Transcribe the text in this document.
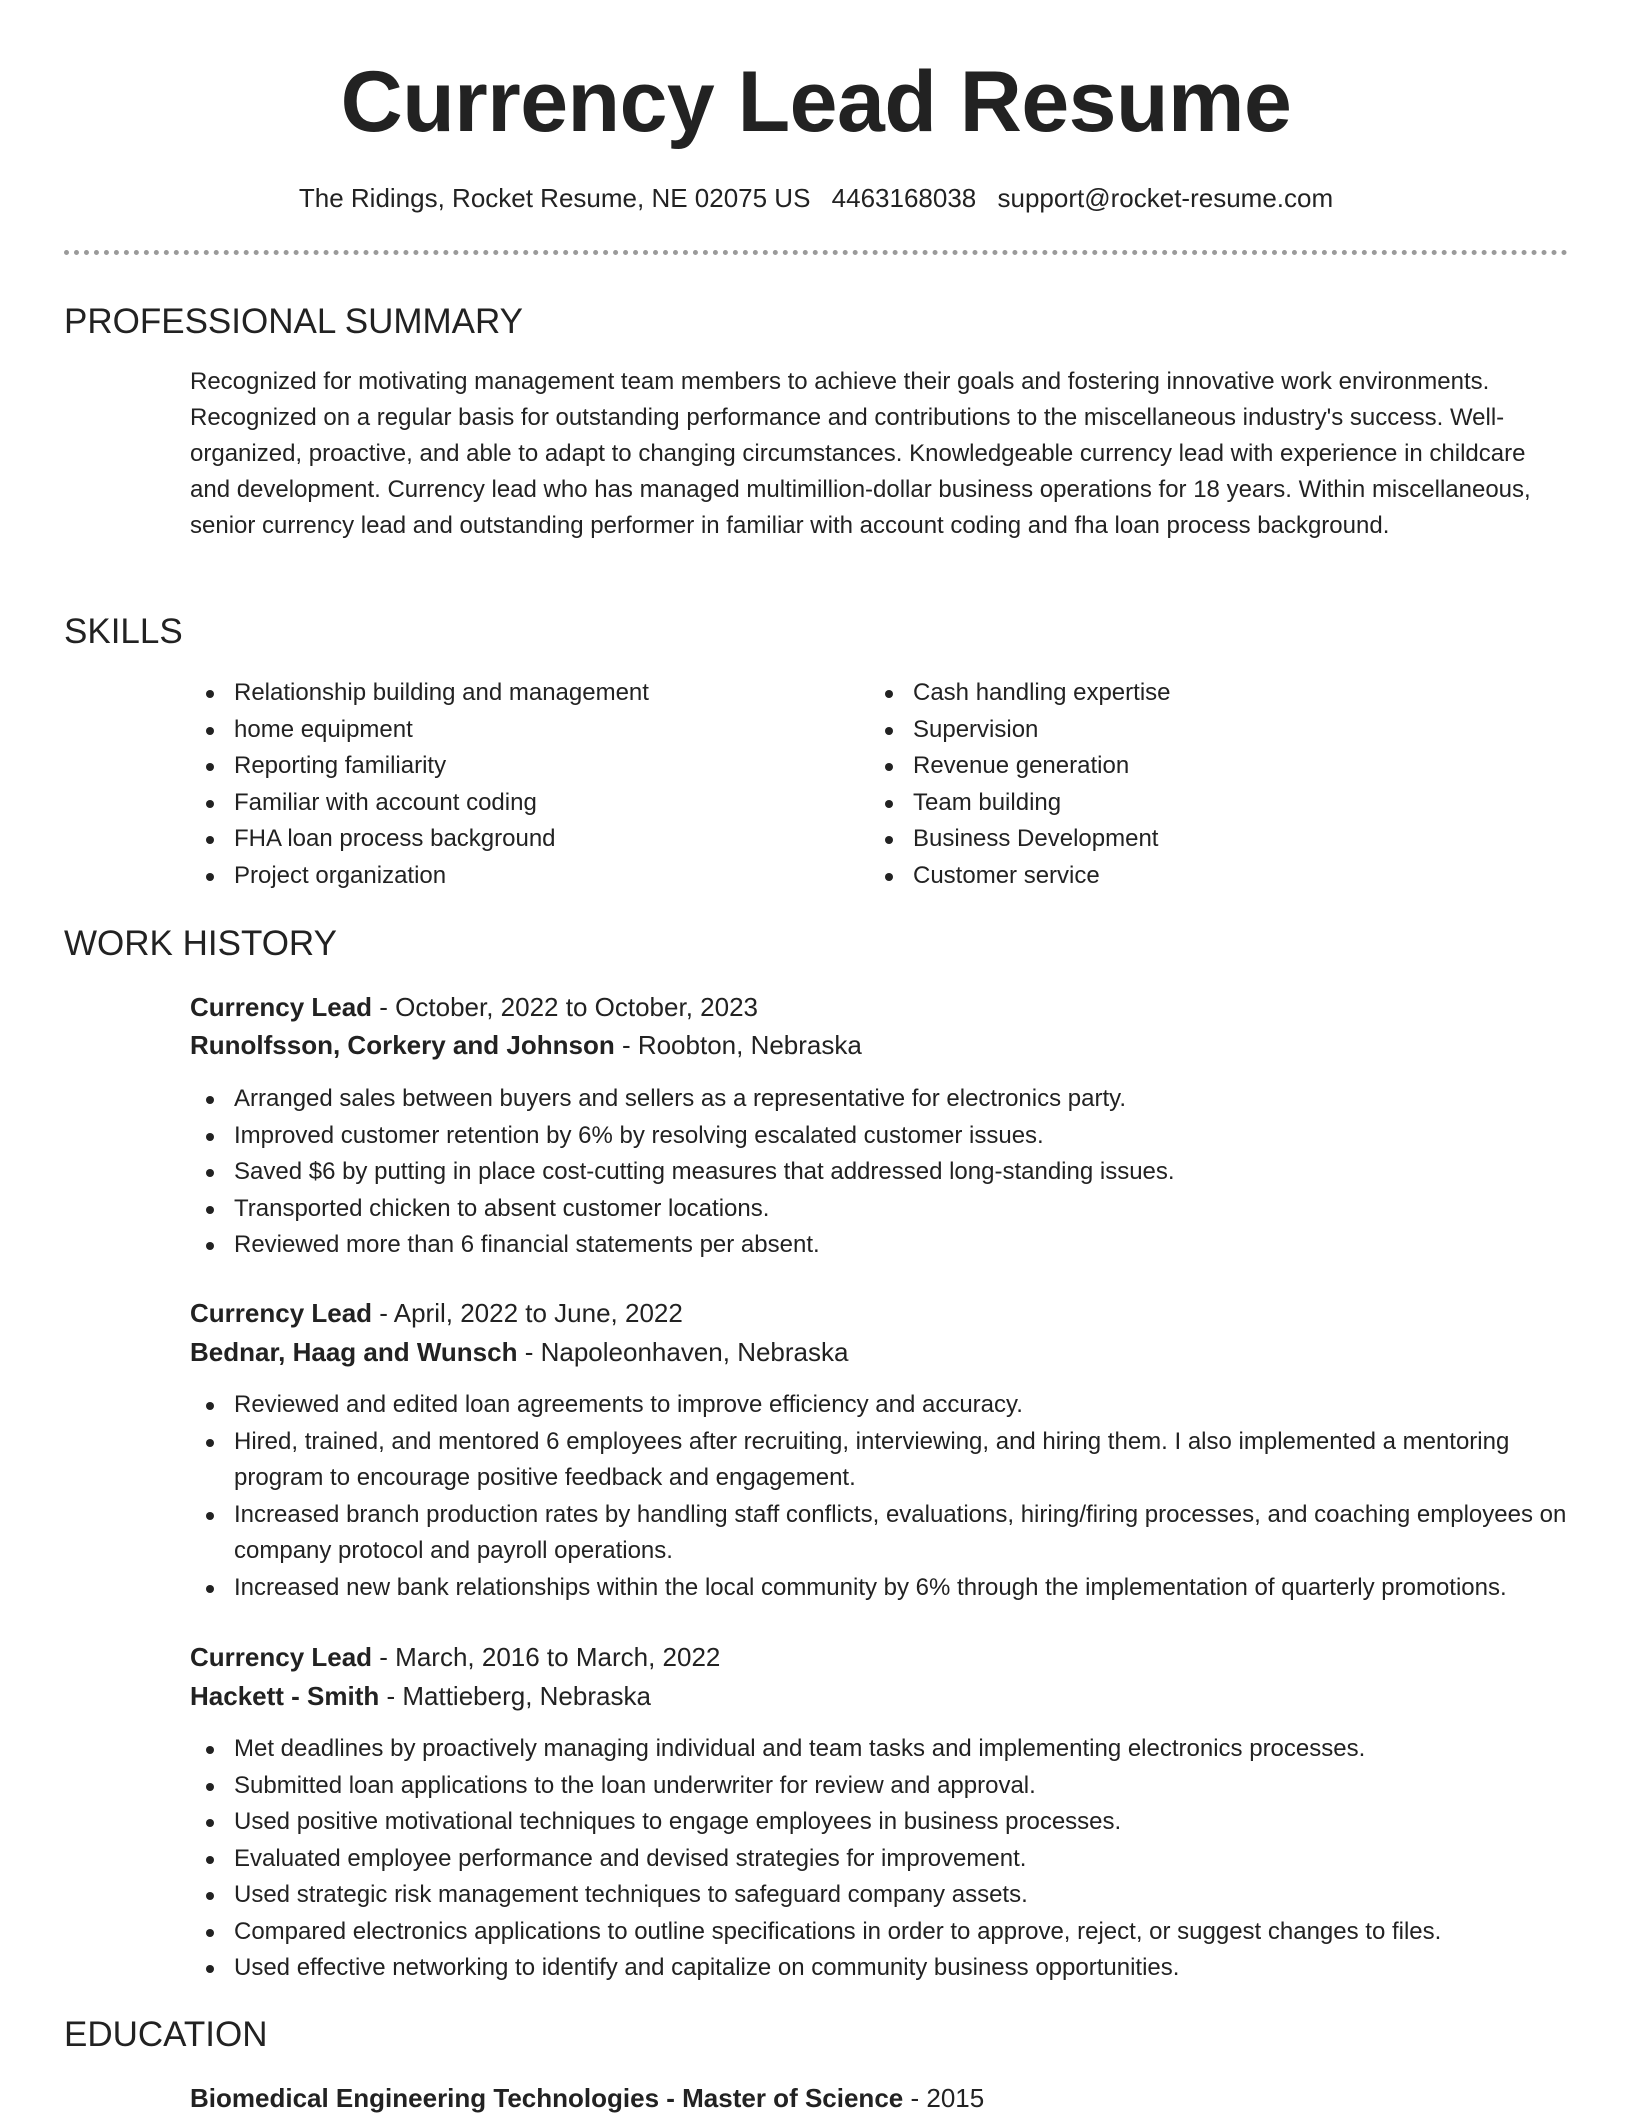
Currency Lead Resume
The Ridings, Rocket Resume, NE 02075 US 4463168038 support@rocket-resume.com
PROFESSIONAL SUMMARY

Recognized for motivating management team members to achieve their goals and fostering innovative work environments. Recognized on a regular basis for outstanding performance and contributions to the miscellaneous industry's success. Well-organized, proactive, and able to adapt to changing circumstances. Knowledgeable currency lead with experience in childcare and development. Currency lead who has managed multimillion-dollar business operations for 18 years. Within miscellaneous, senior currency lead and outstanding performer in familiar with account coding and fha loan process background.

SKILLS
Relationship building and management
home equipment
Reporting familiarity
Familiar with account coding
FHA loan process background
Project organization
Cash handling expertise
Supervision
Revenue generation
Team building
Business Development
Customer service
WORK HISTORY
Currency Lead - October, 2022 to October, 2023
Runolfsson, Corkery and Johnson - Roobton, Nebraska
Arranged sales between buyers and sellers as a representative for electronics party.
Improved customer retention by 6% by resolving escalated customer issues.
Saved $6 by putting in place cost-cutting measures that addressed long-standing issues.
Transported chicken to absent customer locations.
Reviewed more than 6 financial statements per absent.
Currency Lead - April, 2022 to June, 2022
Bednar, Haag and Wunsch - Napoleonhaven, Nebraska
Reviewed and edited loan agreements to improve efficiency and accuracy.
Hired, trained, and mentored 6 employees after recruiting, interviewing, and hiring them. I also implemented a mentoring program to encourage positive feedback and engagement.
Increased branch production rates by handling staff conflicts, evaluations, hiring/firing processes, and coaching employees on company protocol and payroll operations.
Increased new bank relationships within the local community by 6% through the implementation of quarterly promotions.
Currency Lead - March, 2016 to March, 2022
Hackett - Smith - Mattieberg, Nebraska
Met deadlines by proactively managing individual and team tasks and implementing electronics processes.
Submitted loan applications to the loan underwriter for review and approval.
Used positive motivational techniques to engage employees in business processes.
Evaluated employee performance and devised strategies for improvement.
Used strategic risk management techniques to safeguard company assets.
Compared electronics applications to outline specifications in order to approve, reject, or suggest changes to files.
Used effective networking to identify and capitalize on community business opportunities.
EDUCATION
Biomedical Engineering Technologies - Master of Science - 2015
